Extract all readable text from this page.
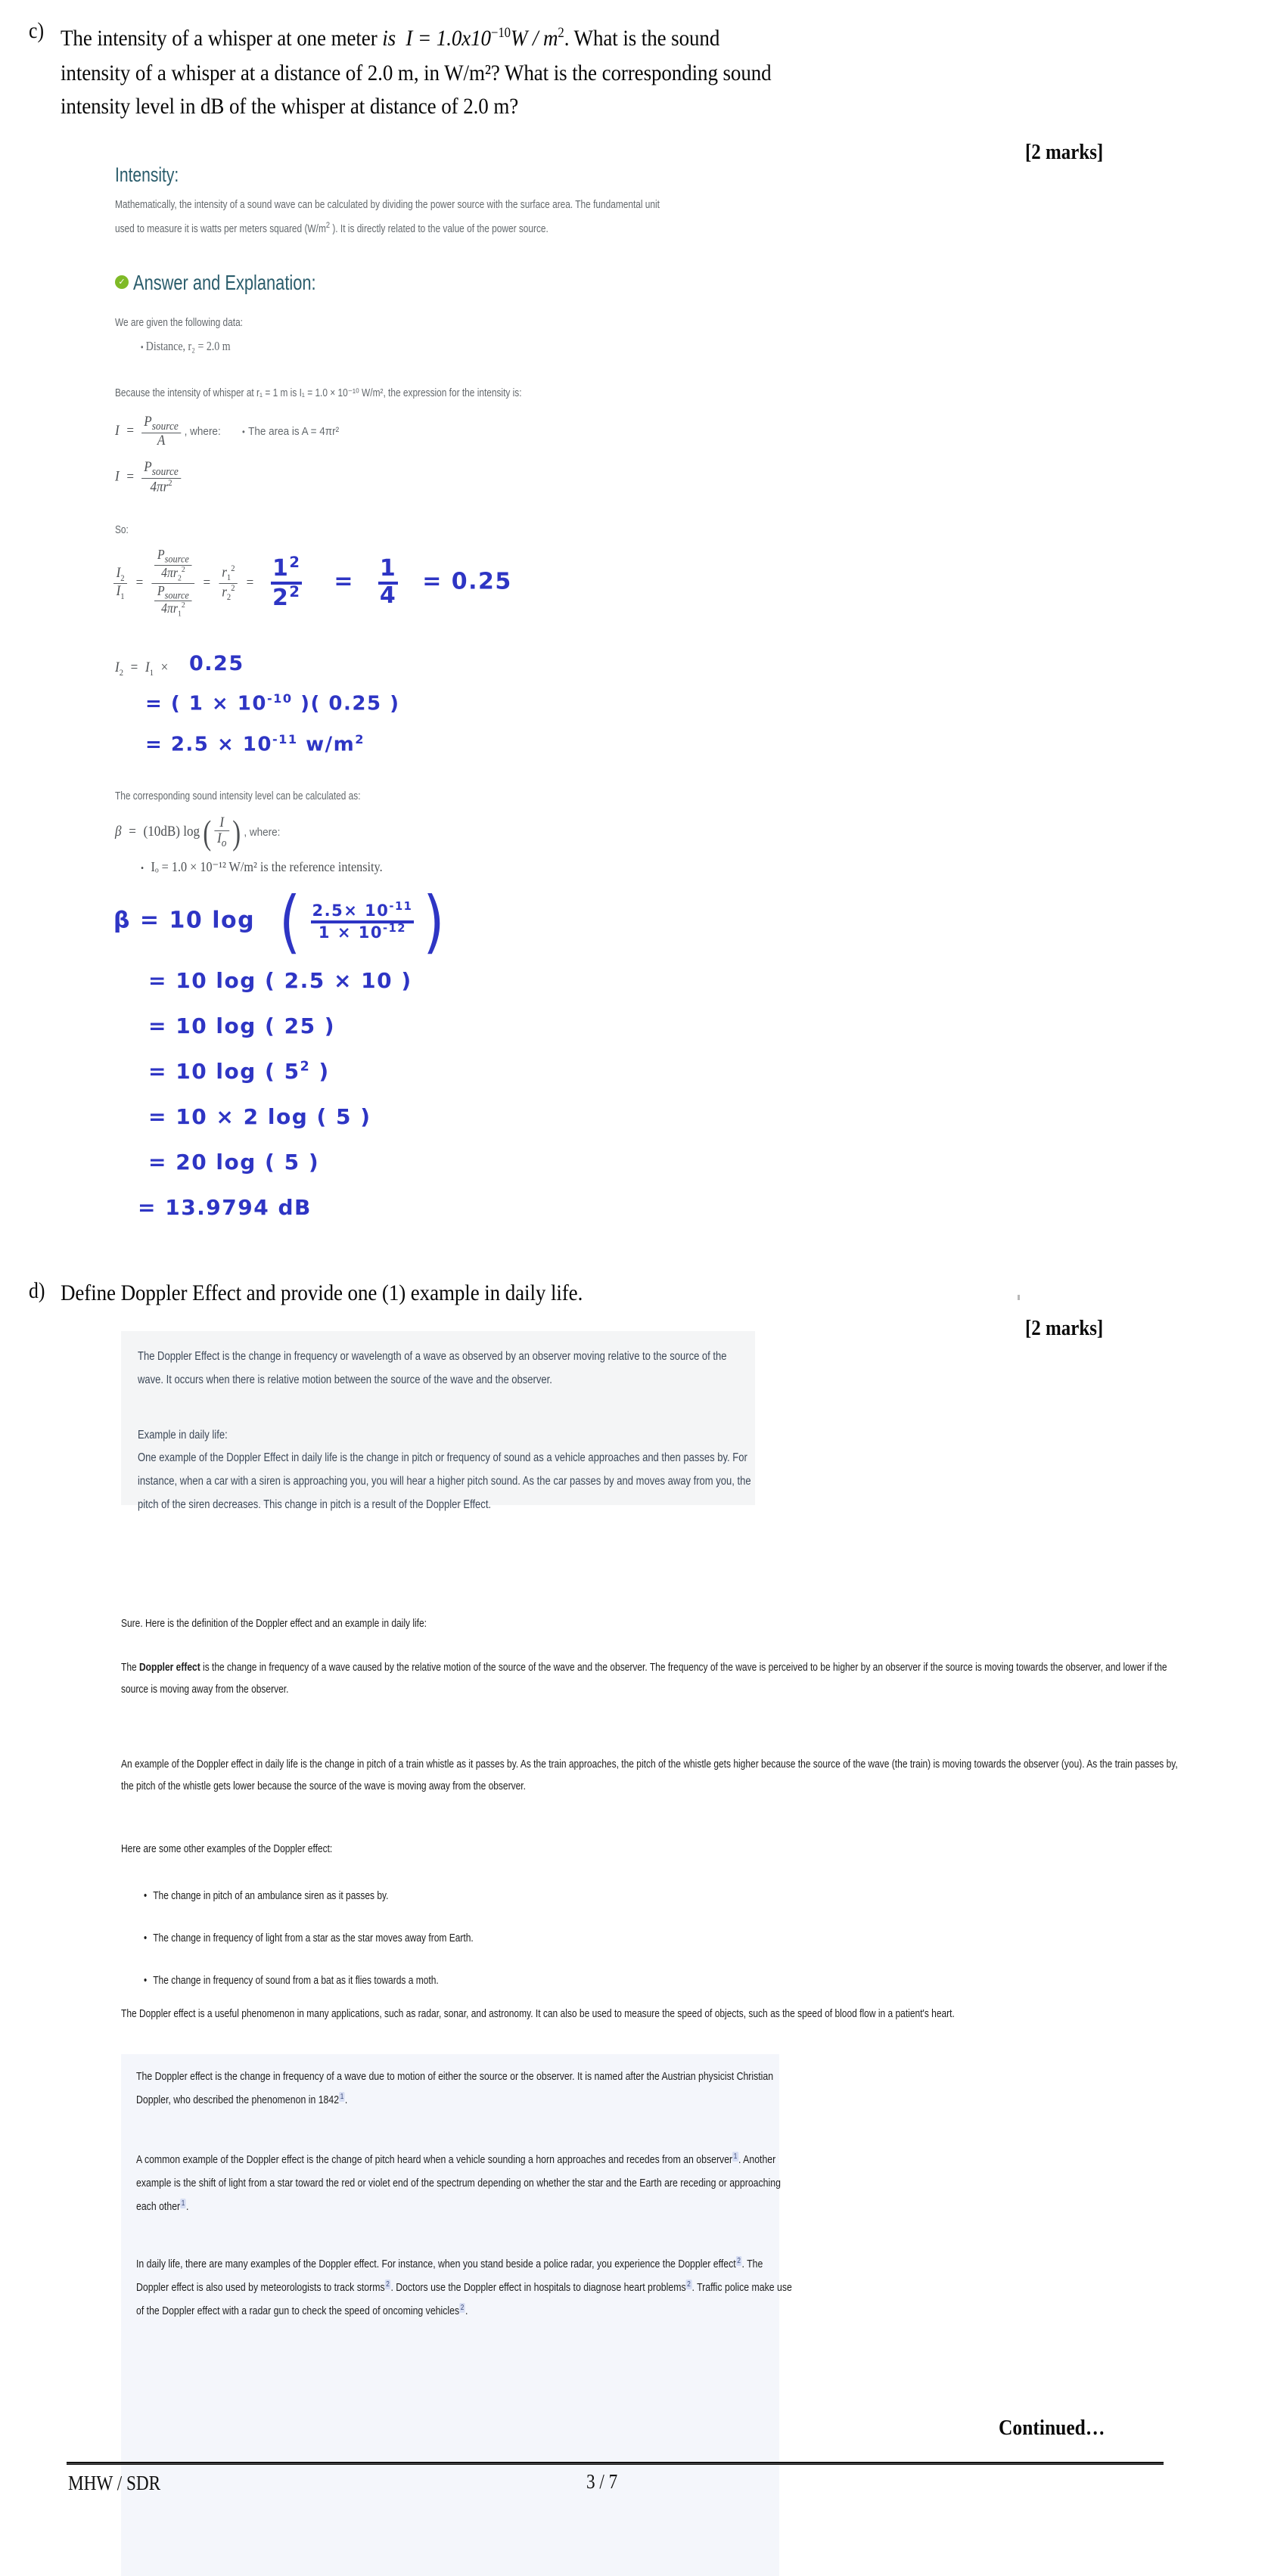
c) The intensity of a whisper at one meter is $I = 1.0x10^{-10}W / m^2$. What is the sound
intensity of a whisper at a distance of 2.0 m, in W/m²? What is the corresponding sound
intensity level in dB of the whisper at distance of 2.0 m?
[2 marks]
Intensity:
Mathematically, the intensity of a sound wave can be calculated by dividing the power source with the surface area. The fundamental unit
used to measure it is watts per meters squared ($W/m^2$ ). It is directly related to the value of the power source.
✓ Answer and Explanation:
We are given the following data:
• Distance, r₂ = 2.0 m
Because the intensity of whisper at r₁ = 1 m is I₁ = 1.0 × 10⁻¹⁰ W/m², the expression for the intensity is:
$I = \frac{P_{source}}{A}$ , where: • The area is A = 4πr²
$I = \frac{P_{source}}{4\pi r^2}$
So:
$\frac{I_2}{I_1} = \frac{\frac{P_{source}}{4\pi r_2^2}}{\frac{P_{source}}{4\pi r_1^2}} = \frac{r_1^2}{r_2^2} = \frac{1^2}{2^2} = \frac{1}{4} = 0.25$
$I_2 = I_1 \times 0.25$
= ( $1 \times 10^{-10}$ )( 0.25 )
= $2.5 \times 10^{-11}$ $w/m^2$
The corresponding sound intensity level can be calculated as:
β = (10dB) log ( $\frac{I}{I_o}$ ) , where:
• Iₒ = 1.0 × 10⁻¹² W/m² is the reference intensity.
β = 10 log ( $\frac{2.5\times 10^{-11}}{1 \times 10^{-12}}$ )
= 10 log ( 2.5 × 10 )
= 10 log ( 25 )
= 10 log ( $5^2$ )
= 10 × 2 log ( 5 )
= 20 log ( 5 )
= 13.9794 dB
d) Define Doppler Effect and provide one (1) example in daily life.
[2 marks]
The Doppler Effect is the change in frequency or wavelength of a wave as observed by an observer moving relative to the source of the wave. It occurs when there is relative motion between the source of the wave and the observer.
Example in daily life:
One example of the Doppler Effect in daily life is the change in pitch or frequency of sound as a vehicle approaches and then passes by. For instance, when a car with a siren is approaching you, you will hear a higher pitch sound. As the car passes by and moves away from you, the pitch of the siren decreases. This change in pitch is a result of the Doppler Effect.
Sure. Here is the definition of the Doppler effect and an example in daily life:
The Doppler effect is the change in frequency of a wave caused by the relative motion of the source of the wave and the observer. The frequency of the wave is perceived to be higher by an observer if the source is moving towards the observer, and lower if the source is moving away from the observer.
An example of the Doppler effect in daily life is the change in pitch of a train whistle as it passes by. As the train approaches, the pitch of the whistle gets higher because the source of the wave (the train) is moving towards the observer (you). As the train passes by, the pitch of the whistle gets lower because the source of the wave is moving away from the observer.
Here are some other examples of the Doppler effect:
• The change in pitch of an ambulance siren as it passes by.
• The change in frequency of light from a star as the star moves away from Earth.
• The change in frequency of sound from a bat as it flies towards a moth.
The Doppler effect is a useful phenomenon in many applications, such as radar, sonar, and astronomy. It can also be used to measure the speed of objects, such as the speed of blood flow in a patient's heart.
The Doppler effect is the change in frequency of a wave due to motion of either the source or the observer. It is named after the Austrian physicist Christian Doppler, who described the phenomenon in 1842 1 .
A common example of the Doppler effect is the change of pitch heard when a vehicle sounding a horn approaches and recedes from an observer 1 . Another example is the shift of light from a star toward the red or violet end of the spectrum depending on whether the star and the Earth are receding or approaching each other 1 .
In daily life, there are many examples of the Doppler effect. For instance, when you stand beside a police radar, you experience the Doppler effect 2 . The Doppler effect is also used by meteorologists to track storms 2 . Doctors use the Doppler effect in hospitals to diagnose heart problems 2 . Traffic police make use of the Doppler effect with a radar gun to check the speed of oncoming vehicles 2 .
Continued…
MHW / SDR	3 / 7
